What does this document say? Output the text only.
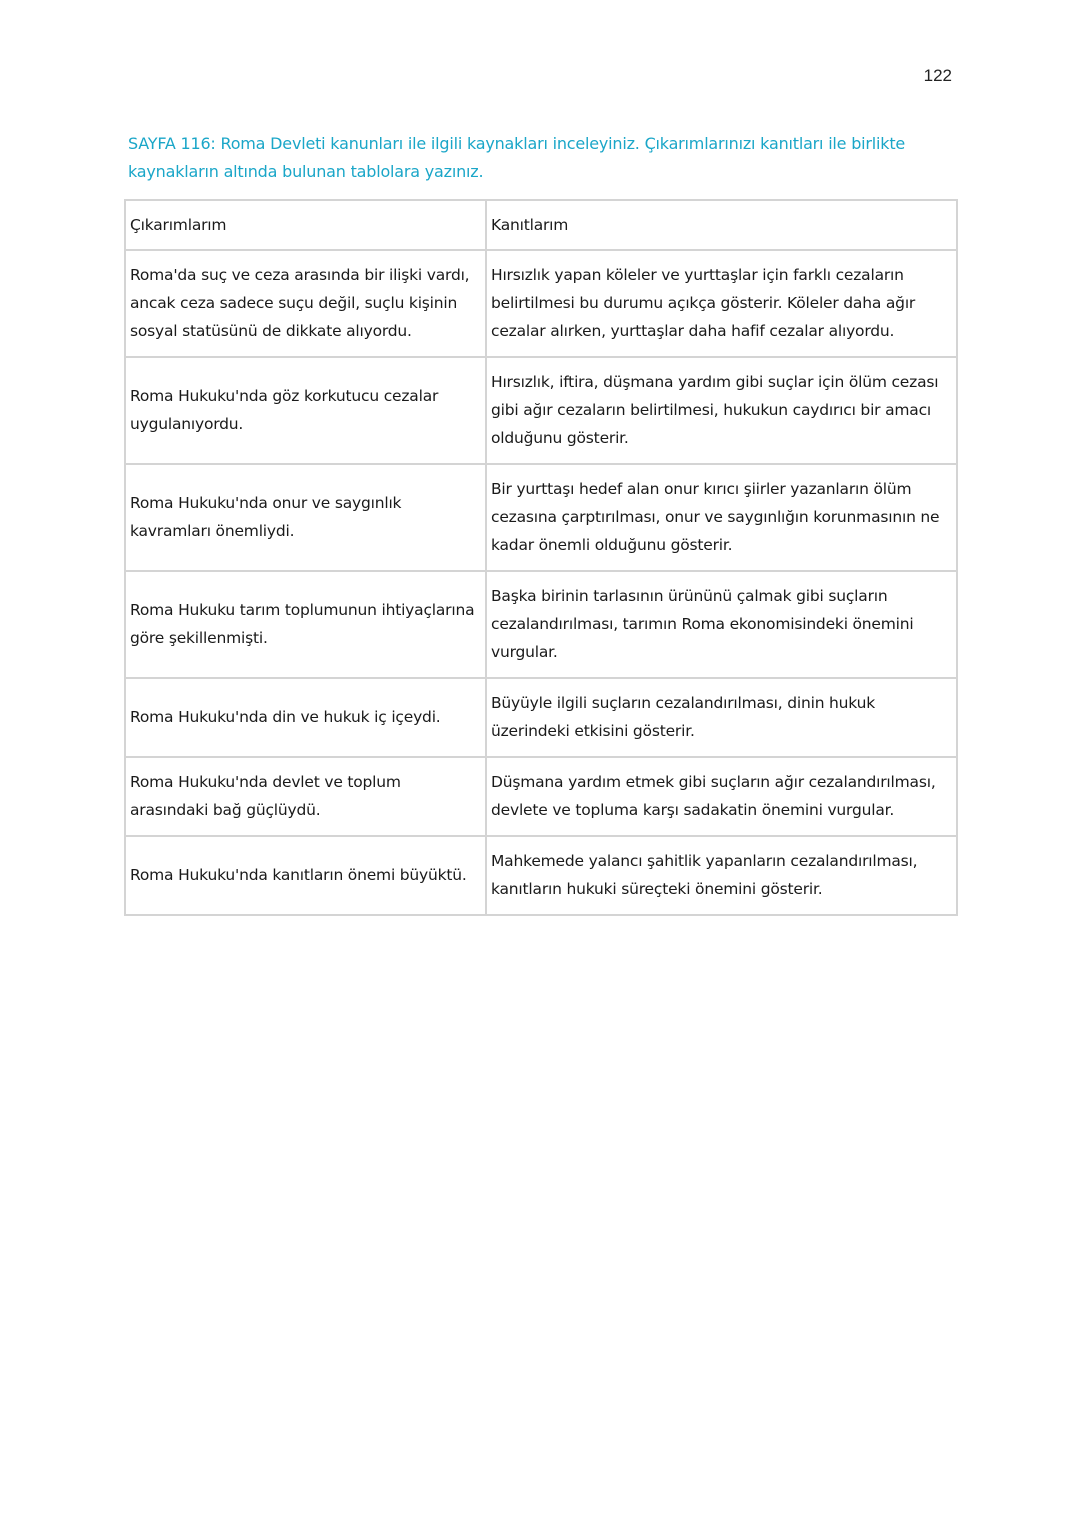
122
SAYFA 116: Roma Devleti kanunları ile ilgili kaynakları inceleyiniz. Çıkarımlarınızı kanıtları ile birlikte kaynakların altında bulunan tablolara yazınız.
Çıkarımlarım	Kanıtlarım
Roma'da suç ve ceza arasında bir ilişki vardı, ancak ceza sadece suçu değil, suçlu kişinin sosyal statüsünü de dikkate alıyordu.	Hırsızlık yapan köleler ve yurttaşlar için farklı cezaların belirtilmesi bu durumu açıkça gösterir. Köleler daha ağır cezalar alırken, yurttaşlar daha hafif cezalar alıyordu.
Roma Hukuku'nda göz korkutucu cezalar uygulanıyordu.	Hırsızlık, iftira, düşmana yardım gibi suçlar için ölüm cezası gibi ağır cezaların belirtilmesi, hukukun caydırıcı bir amacı olduğunu gösterir.
Roma Hukuku'nda onur ve saygınlık kavramları önemliydi.	Bir yurttaşı hedef alan onur kırıcı şiirler yazanların ölüm cezasına çarptırılması, onur ve saygınlığın korunmasının ne kadar önemli olduğunu gösterir.
Roma Hukuku tarım toplumunun ihtiyaçlarına göre şekillenmişti.	Başka birinin tarlasının ürününü çalmak gibi suçların cezalandırılması, tarımın Roma ekonomisindeki önemini vurgular.
Roma Hukuku'nda din ve hukuk iç içeydi.	Büyüyle ilgili suçların cezalandırılması, dinin hukuk üzerindeki etkisini gösterir.
Roma Hukuku'nda devlet ve toplum arasındaki bağ güçlüydü.	Düşmana yardım etmek gibi suçların ağır cezalandırılması, devlete ve topluma karşı sadakatin önemini vurgular.
Roma Hukuku'nda kanıtların önemi büyüktü.	Mahkemede yalancı şahitlik yapanların cezalandırılması, kanıtların hukuki süreçteki önemini gösterir.
